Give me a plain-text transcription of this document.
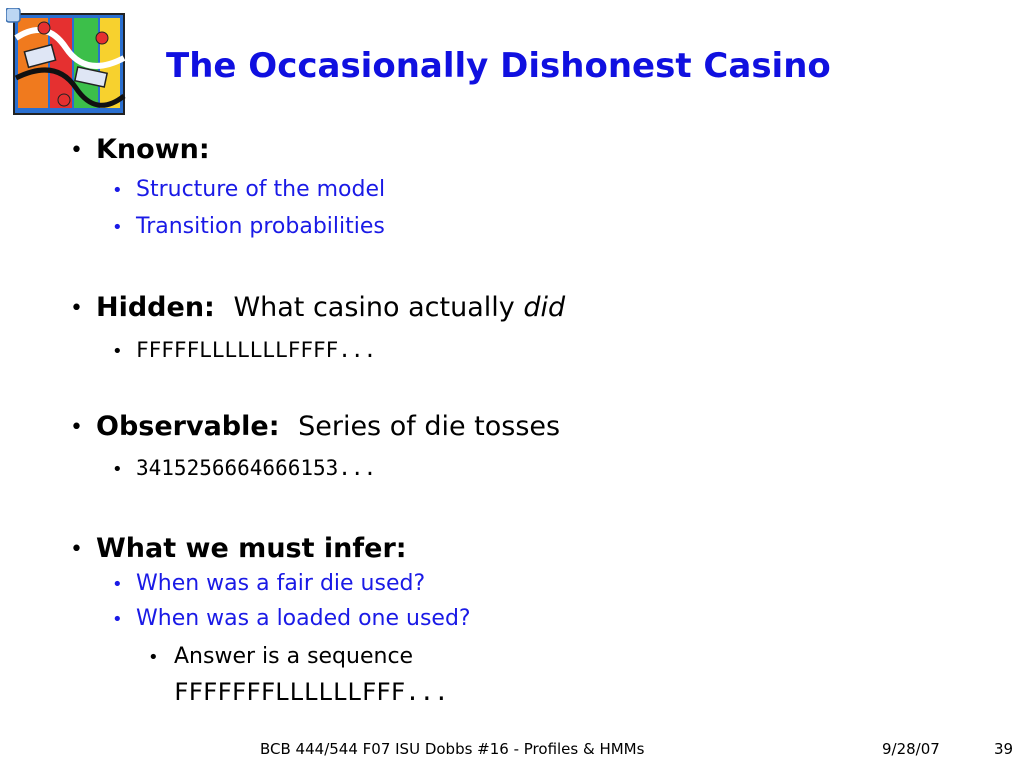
The Occasionally Dishonest Casino
• Known:
• Structure of the model
• Transition probabilities
• Hidden: What casino actually did
• FFFFFLLLLLLLFFFF...
• Observable: Series of die tosses
• 3415256664666153...
• What we must infer:
• When was a fair die used?
• When was a loaded one used?
• Answer is a sequence
FFFFFFFLLLLLLFFF...
BCB 444/544 F07 ISU Dobbs #16 - Profiles & HMMs	9/28/07	39
